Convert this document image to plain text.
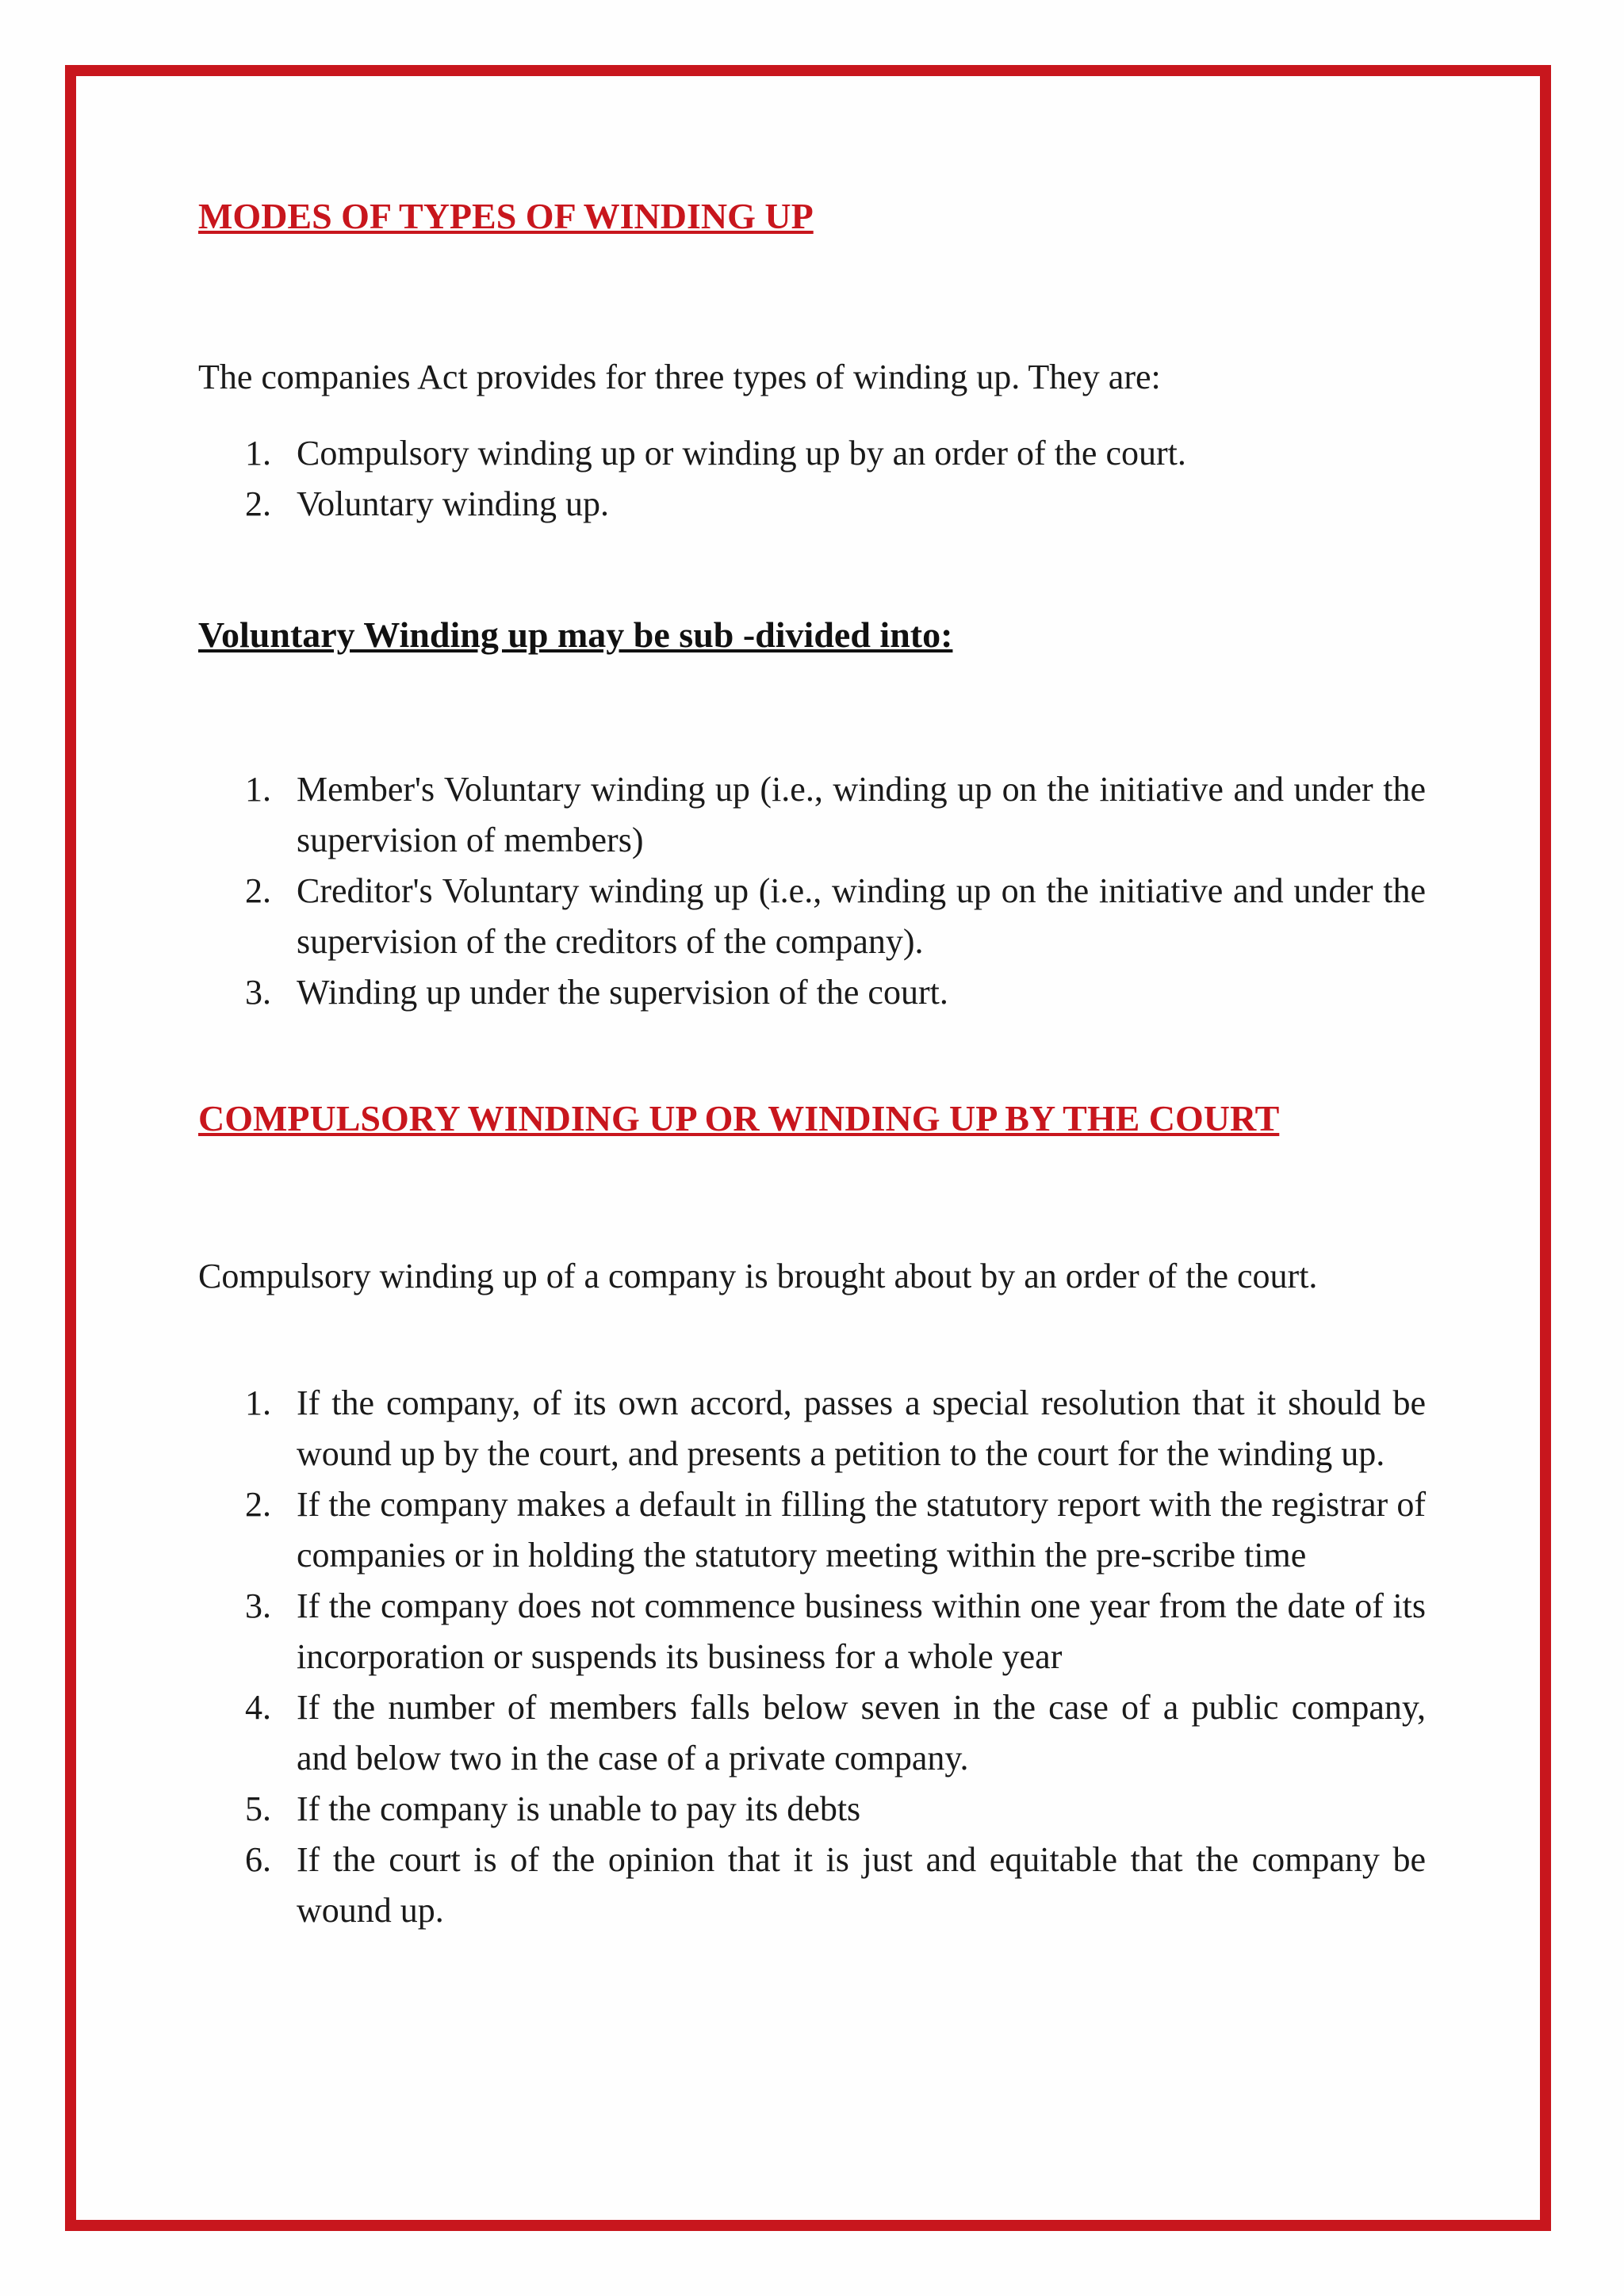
MODES OF TYPES OF WINDING UP

The companies Act provides for three types of winding up. They are:

1. Compulsory winding up or winding up by an order of the court.
2. Voluntary winding up.
Voluntary Winding up may be sub -divided into:
1. Member's Voluntary winding up (i.e., winding up on the initiative and under the supervision of members)
2. Creditor's Voluntary winding up (i.e., winding up on the initiative and under the supervision of the creditors of the company).
3. Winding up under the supervision of the court.
COMPULSORY WINDING UP OR WINDING UP BY THE COURT

Compulsory winding up of a company is brought about by an order of the court.

1. If the company, of its own accord, passes a special resolution that it should be wound up by the court, and presents a petition to the court for the winding up.
2. If the company makes a default in filling the statutory report with the registrar of companies or in holding the statutory meeting within the pre-scribe time
3. If the company does not commence business within one year from the date of its incorporation or suspends its business for a whole year
4. If the number of members falls below seven in the case of a public company, and below two in the case of a private company.
5. If the company is unable to pay its debts
6. If the court is of the opinion that it is just and equitable that the company be wound up.
